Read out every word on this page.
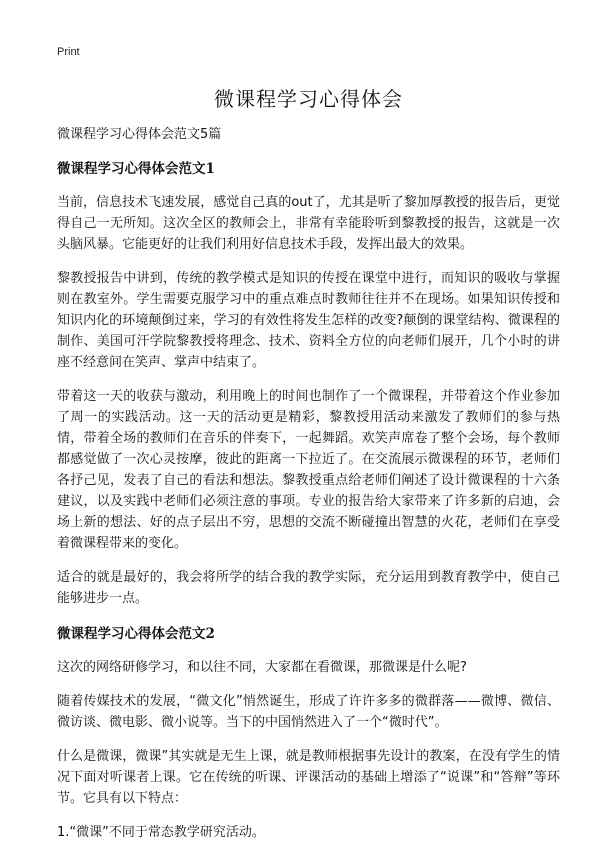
Print
微课程学习心得体会

微课程学习心得体会范文5篇

微课程学习心得体会范文1

当前，信息技术飞速发展，感觉自己真的out了，尤其是听了黎加厚教授的报告后，更觉得自己一无所知。这次全区的教师会上，非常有幸能聆听到黎教授的报告，这就是一次头脑风暴。它能更好的让我们利用好信息技术手段，发挥出最大的效果。

黎教授报告中讲到，传统的教学模式是知识的传授在课堂中进行，而知识的吸收与掌握则在教室外。学生需要克服学习中的重点难点时教师往往并不在现场。如果知识传授和知识内化的环境颠倒过来，学习的有效性将发生怎样的改变?颠倒的课堂结构、微课程的制作、美国可汗学院黎教授将理念、技术、资料全方位的向老师们展开，几个小时的讲座不经意间在笑声、掌声中结束了。

带着这一天的收获与激动，利用晚上的时间也制作了一个微课程，并带着这个作业参加了周一的实践活动。这一天的活动更是精彩，黎教授用活动来激发了教师们的参与热情，带着全场的教师们在音乐的伴奏下，一起舞蹈。欢笑声席卷了整个会场，每个教师都感觉做了一次心灵按摩，彼此的距离一下拉近了。在交流展示微课程的环节，老师们各抒己见，发表了自己的看法和想法。黎教授重点给老师们阐述了设计微课程的十六条建议，以及实践中老师们必须注意的事项。专业的报告给大家带来了许多新的启迪，会场上新的想法、好的点子层出不穷，思想的交流不断碰撞出智慧的火花，老师们在享受着微课程带来的变化。

适合的就是最好的，我会将所学的结合我的教学实际，充分运用到教育教学中，使自己能够进步一点。

微课程学习心得体会范文2

这次的网络研修学习，和以往不同，大家都在看微课，那微课是什么呢?

随着传媒技术的发展，“微文化”悄然诞生，形成了许许多多的微群落——微博、微信、微访谈、微电影、微小说等。当下的中国悄然进入了一个“微时代”。

什么是微课，微课”其实就是无生上课，就是教师根据事先设计的教案，在没有学生的情况下面对听课者上课。它在传统的听课、评课活动的基础上增添了“说课”和“答辩”等环节。它具有以下特点：

1.“微课”不同于常态教学研究活动。
